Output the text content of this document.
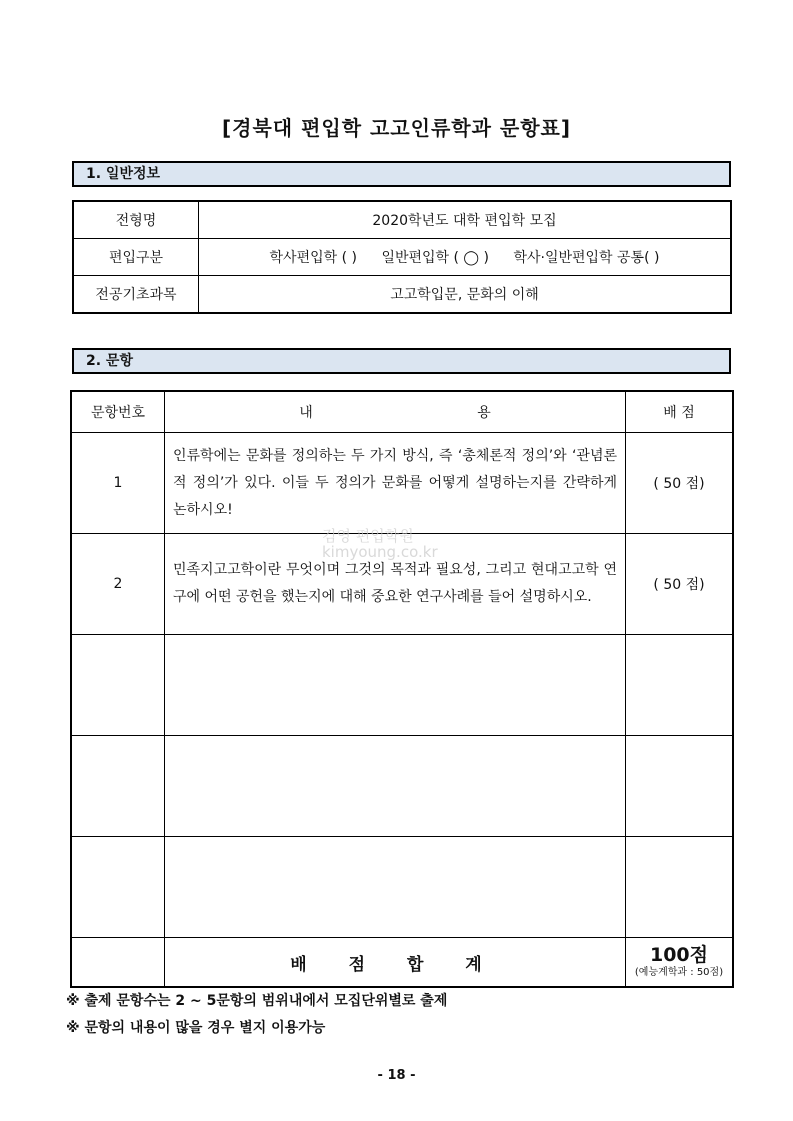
[경북대 편입학 고고인류학과 문항표]
1. 일반정보
전형명	2020학년도 대학 편입학 모집
편입구분	학사편입학 ( ) 일반편입학 ( ◯ ) 학사·일반편입학 공통( )
전공기초과목	고고학입문, 문화의 이해
2. 문항
문항번호	내 용	배 점
1	인류학에는 문화를 정의하는 두 가지 방식, 즉 ‘총체론적 정의’와 ‘관념론적 정의’가 있다. 이들 두 정의가 문화를 어떻게 설명하는지를 간략하게 논하시오!	( 50 점)
2	민족지고고학이란 무엇이며 그것의 목적과 필요성, 그리고 현대고고학 연구에 어떤 공헌을 했는지에 대해 중요한 연구사례를 들어 설명하시오.	( 50 점)

	배 점 합 계	100점
(예능계학과 : 50점)
김영 편입학원
kimyoung.co.kr
※ 출제 문항수는 2 ~ 5문항의 범위내에서 모집단위별로 출제
※ 문항의 내용이 많을 경우 별지 이용가능
- 18 -
